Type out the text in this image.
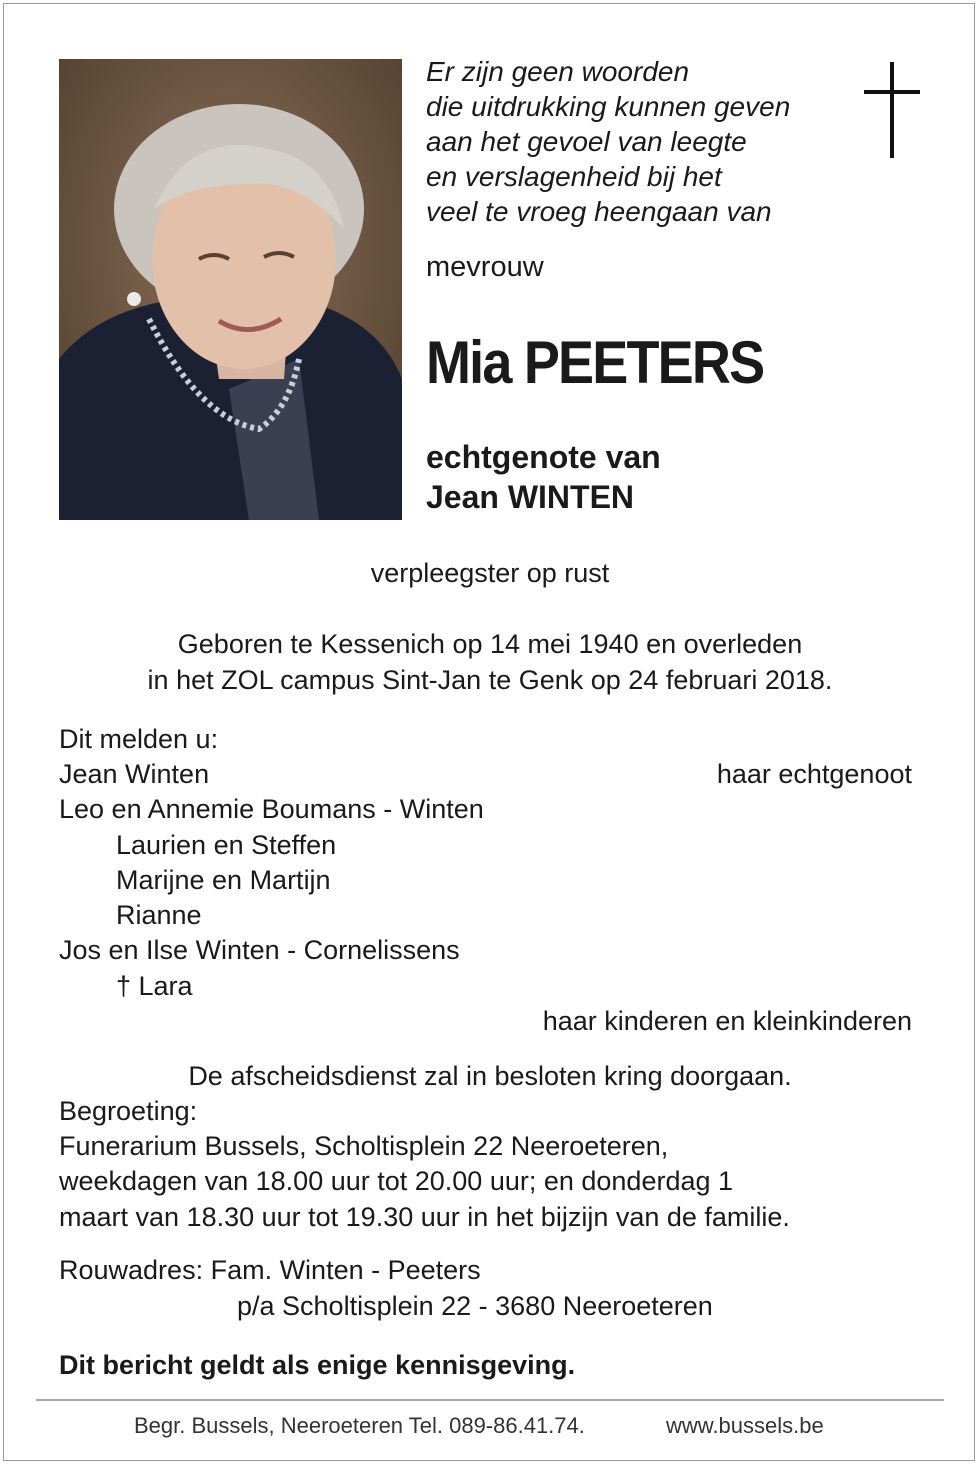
Er zijn geen woorden
die uitdrukking kunnen geven
aan het gevoel van leegte
en verslagenheid bij het
veel te vroeg heengaan van
mevrouw
Mia PEETERS
echtgenote van
Jean WINTEN
verpleegster op rust
Geboren te Kessenich op 14 mei 1940 en overleden
in het ZOL campus Sint-Jan te Genk op 24 februari 2018.
Dit melden u:
Jean Winten	haar echtgenoot
Leo en Annemie Boumans - Winten
Laurien en Steffen
Marijne en Martijn
Rianne
Jos en Ilse Winten - Cornelissens
† Lara
haar kinderen en kleinkinderen
De afscheidsdienst zal in besloten kring doorgaan.
Begroeting:
Funerarium Bussels, Scholtisplein 22 Neeroeteren,
weekdagen van 18.00 uur tot 20.00 uur; en donderdag 1
maart van 18.30 uur tot 19.30 uur in het bijzijn van de familie.
Rouwadres: Fam. Winten - Peeters
p/a Scholtisplein 22 - 3680 Neeroeteren
Dit bericht geldt als enige kennisgeving.
Begr. Bussels, Neeroeteren Tel. 089-86.41.74.	www.bussels.be
